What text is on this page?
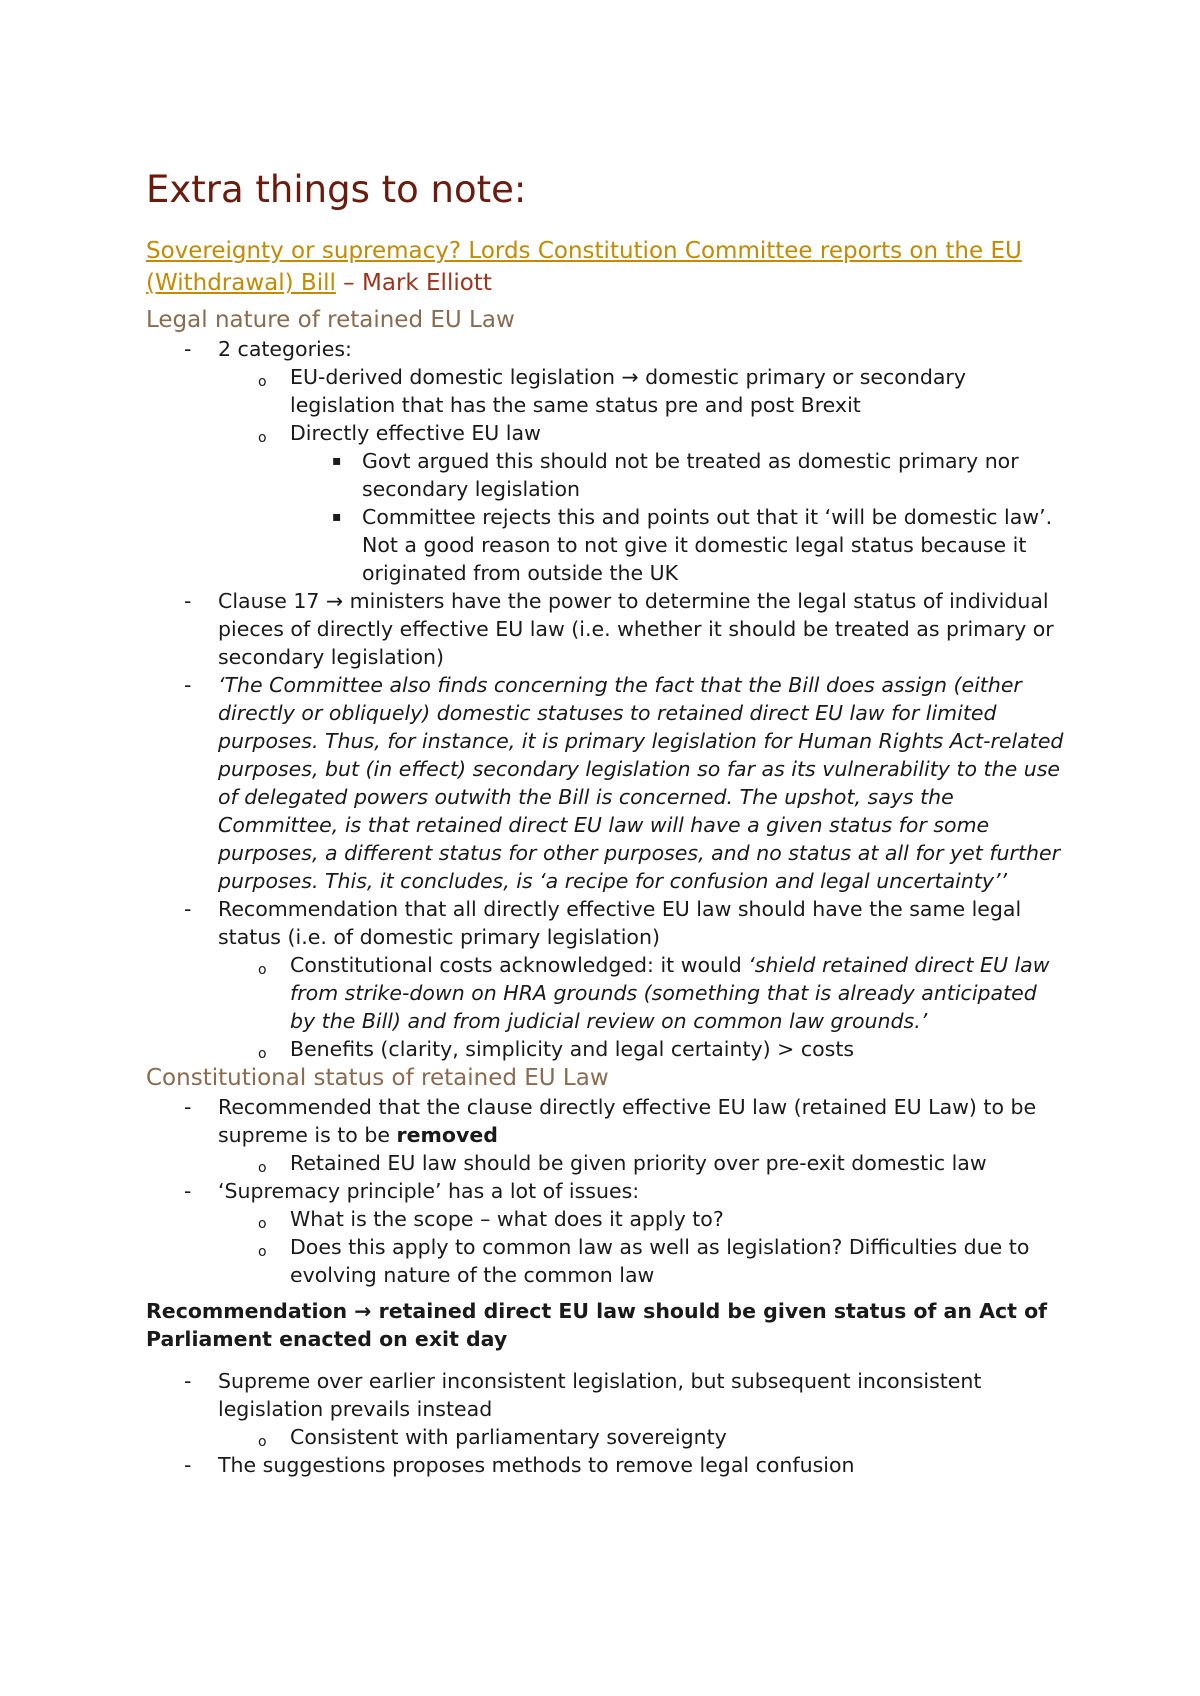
Extra things to note:

Sovereignty or supremacy? Lords Constitution Committee reports on the EU (Withdrawal) Bill – Mark Elliott

Legal nature of retained EU Law
- 2 categories:
o EU-derived domestic legislation → domestic primary or secondary legislation that has the same status pre and post Brexit
o Directly effective EU law
▪ Govt argued this should not be treated as domestic primary nor secondary legislation
▪ Committee rejects this and points out that it ‘will be domestic law’. Not a good reason to not give it domestic legal status because it originated from outside the UK
- Clause 17 → ministers have the power to determine the legal status of individual pieces of directly effective EU law (i.e. whether it should be treated as primary or secondary legislation)
- ‘The Committee also finds concerning the fact that the Bill does assign (either directly or obliquely) domestic statuses to retained direct EU law for limited purposes. Thus, for instance, it is primary legislation for Human Rights Act-related purposes, but (in effect) secondary legislation so far as its vulnerability to the use of delegated powers outwith the Bill is concerned. The upshot, says the Committee, is that retained direct EU law will have a given status for some purposes, a different status for other purposes, and no status at all for yet further purposes. This, it concludes, is ‘a recipe for confusion and legal uncertainty’’
- Recommendation that all directly effective EU law should have the same legal status (i.e. of domestic primary legislation)
o Constitutional costs acknowledged: it would ‘shield retained direct EU law from strike-down on HRA grounds (something that is already anticipated by the Bill) and from judicial review on common law grounds.’
o Benefits (clarity, simplicity and legal certainty) > costs
Constitutional status of retained EU Law
- Recommended that the clause directly effective EU law (retained EU Law) to be supreme is to be removed
o Retained EU law should be given priority over pre-exit domestic law
- ‘Supremacy principle’ has a lot of issues:
o What is the scope – what does it apply to?
o Does this apply to common law as well as legislation? Difficulties due to evolving nature of the common law

Recommendation → retained direct EU law should be given status of an Act of Parliament enacted on exit day

- Supreme over earlier inconsistent legislation, but subsequent inconsistent legislation prevails instead
o Consistent with parliamentary sovereignty
- The suggestions proposes methods to remove legal confusion
